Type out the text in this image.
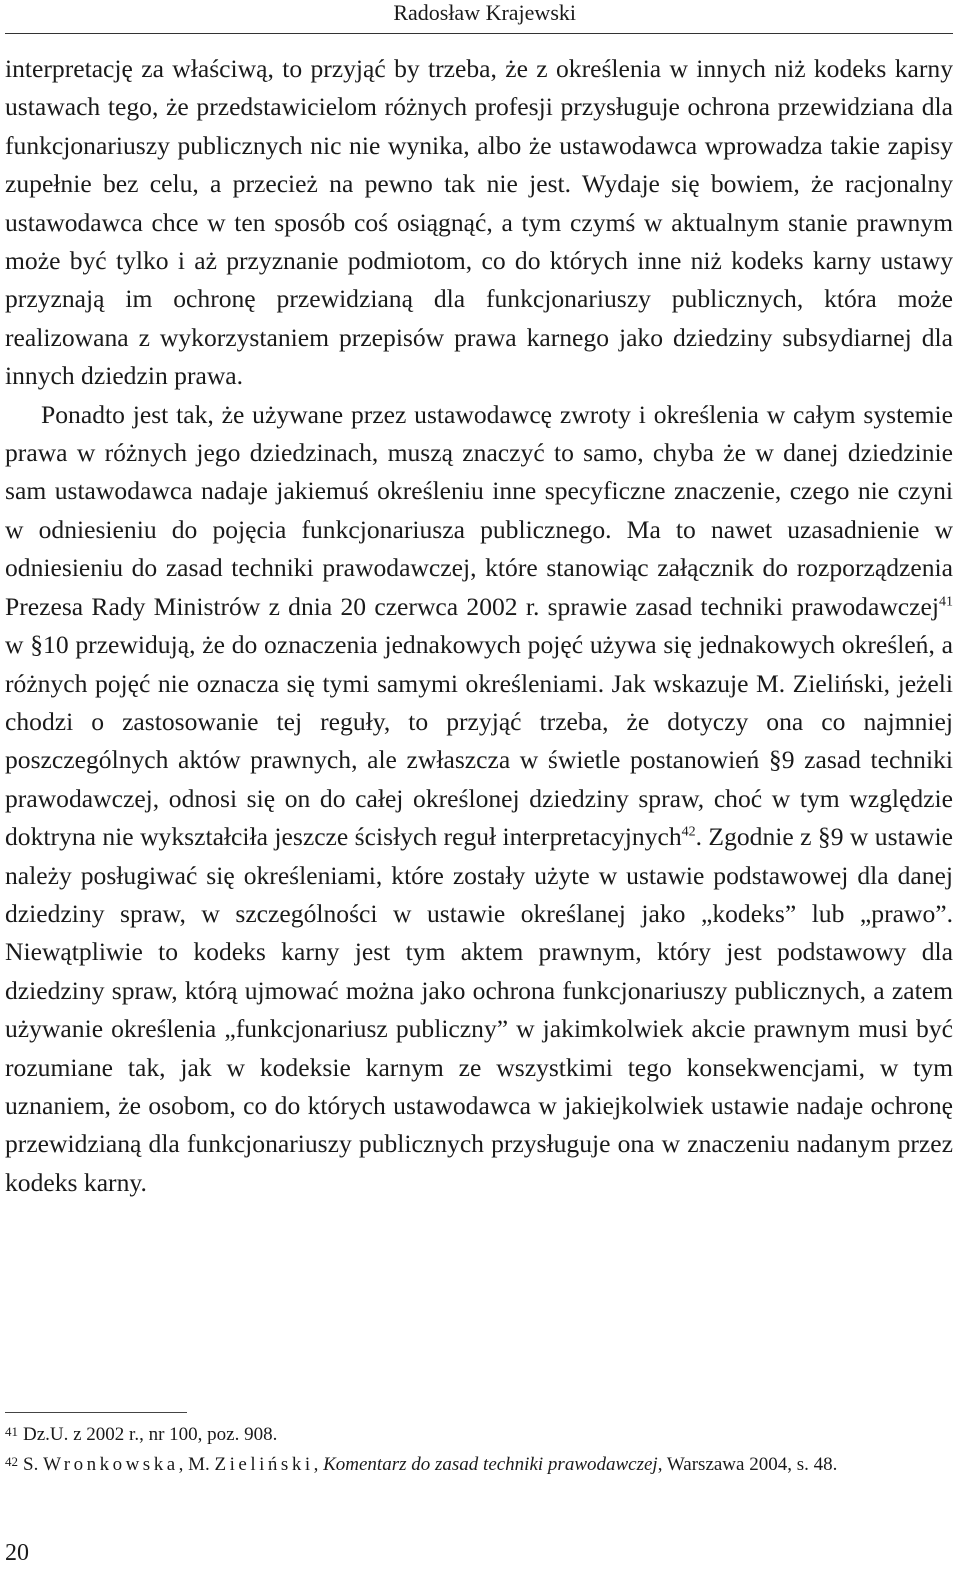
Radosław Krajewski

interpretację za właściwą, to przyjąć by trzeba, że z określenia w innych niż kodeks karny ustawach tego, że przedstawicielom różnych profesji przysługuje ochrona przewidziana dla funkcjonariuszy publicznych nic nie wynika, albo że ustawodawca wprowadza takie zapisy zupełnie bez celu, a przecież na pewno tak nie jest. Wydaje się bowiem, że racjonalny ustawodawca chce w ten sposób coś osiągnąć, a tym czymś w aktualnym stanie prawnym może być tylko i aż przyznanie podmiotom, co do których inne niż kodeks karny ustawy przyznają im ochronę przewidzianą dla funkcjonariuszy publicznych, która może realizowana z wykorzystaniem przepisów prawa karnego jako dziedziny subsydiarnej dla innych dziedzin prawa.

Ponadto jest tak, że używane przez ustawodawcę zwroty i określenia w całym systemie prawa w różnych jego dziedzinach, muszą znaczyć to samo, chyba że w danej dziedzinie sam ustawodawca nadaje jakiemuś określeniu inne specyficzne znaczenie, czego nie czyni w odniesieniu do pojęcia funkcjonariusza publicznego. Ma to nawet uzasadnienie w odniesieniu do zasad techniki prawodawczej, które stanowiąc załącznik do rozporządzenia Prezesa Rady Ministrów z dnia 20 czerwca 2002 r. sprawie zasad techniki prawodawczej$^{41}$ w §10 przewidują, że do oznaczenia jednakowych pojęć używa się jednakowych określeń, a różnych pojęć nie oznacza się tymi samymi określeniami. Jak wskazuje M. Zieliński, jeżeli chodzi o zastosowanie tej reguły, to przyjąć trzeba, że dotyczy ona co najmniej poszczególnych aktów prawnych, ale zwłaszcza w świetle postanowień §9 zasad techniki prawodawczej, odnosi się on do całej określonej dziedziny spraw, choć w tym względzie doktryna nie wykształciła jeszcze ścisłych reguł interpretacyjnych$^{42}$. Zgodnie z §9 w ustawie należy posługiwać się określeniami, które zostały użyte w ustawie podstawowej dla danej dziedziny spraw, w szczególności w ustawie określanej jako „kodeks” lub „prawo”. Niewątpliwie to kodeks karny jest tym aktem prawnym, który jest podstawowy dla dziedziny spraw, którą ujmować można jako ochrona funkcjonariuszy publicznych, a zatem używanie określenia „funkcjonariusz publiczny” w jakimkolwiek akcie prawnym musi być rozumiane tak, jak w kodeksie karnym ze wszystkimi tego konsekwencjami, w tym uznaniem, że osobom, co do których ustawodawca w jakiejkolwiek ustawie nadaje ochronę przewidzianą dla funkcjonariuszy publicznych przysługuje ona w znaczeniu nadanym przez kodeks karny.

41 Dz.U. z 2002 r., nr 100, poz. 908.

42 S. Wronkowska, M. Zieliński, Komentarz do zasad techniki prawodawczej, Warszawa 2004, s. 48.

20
